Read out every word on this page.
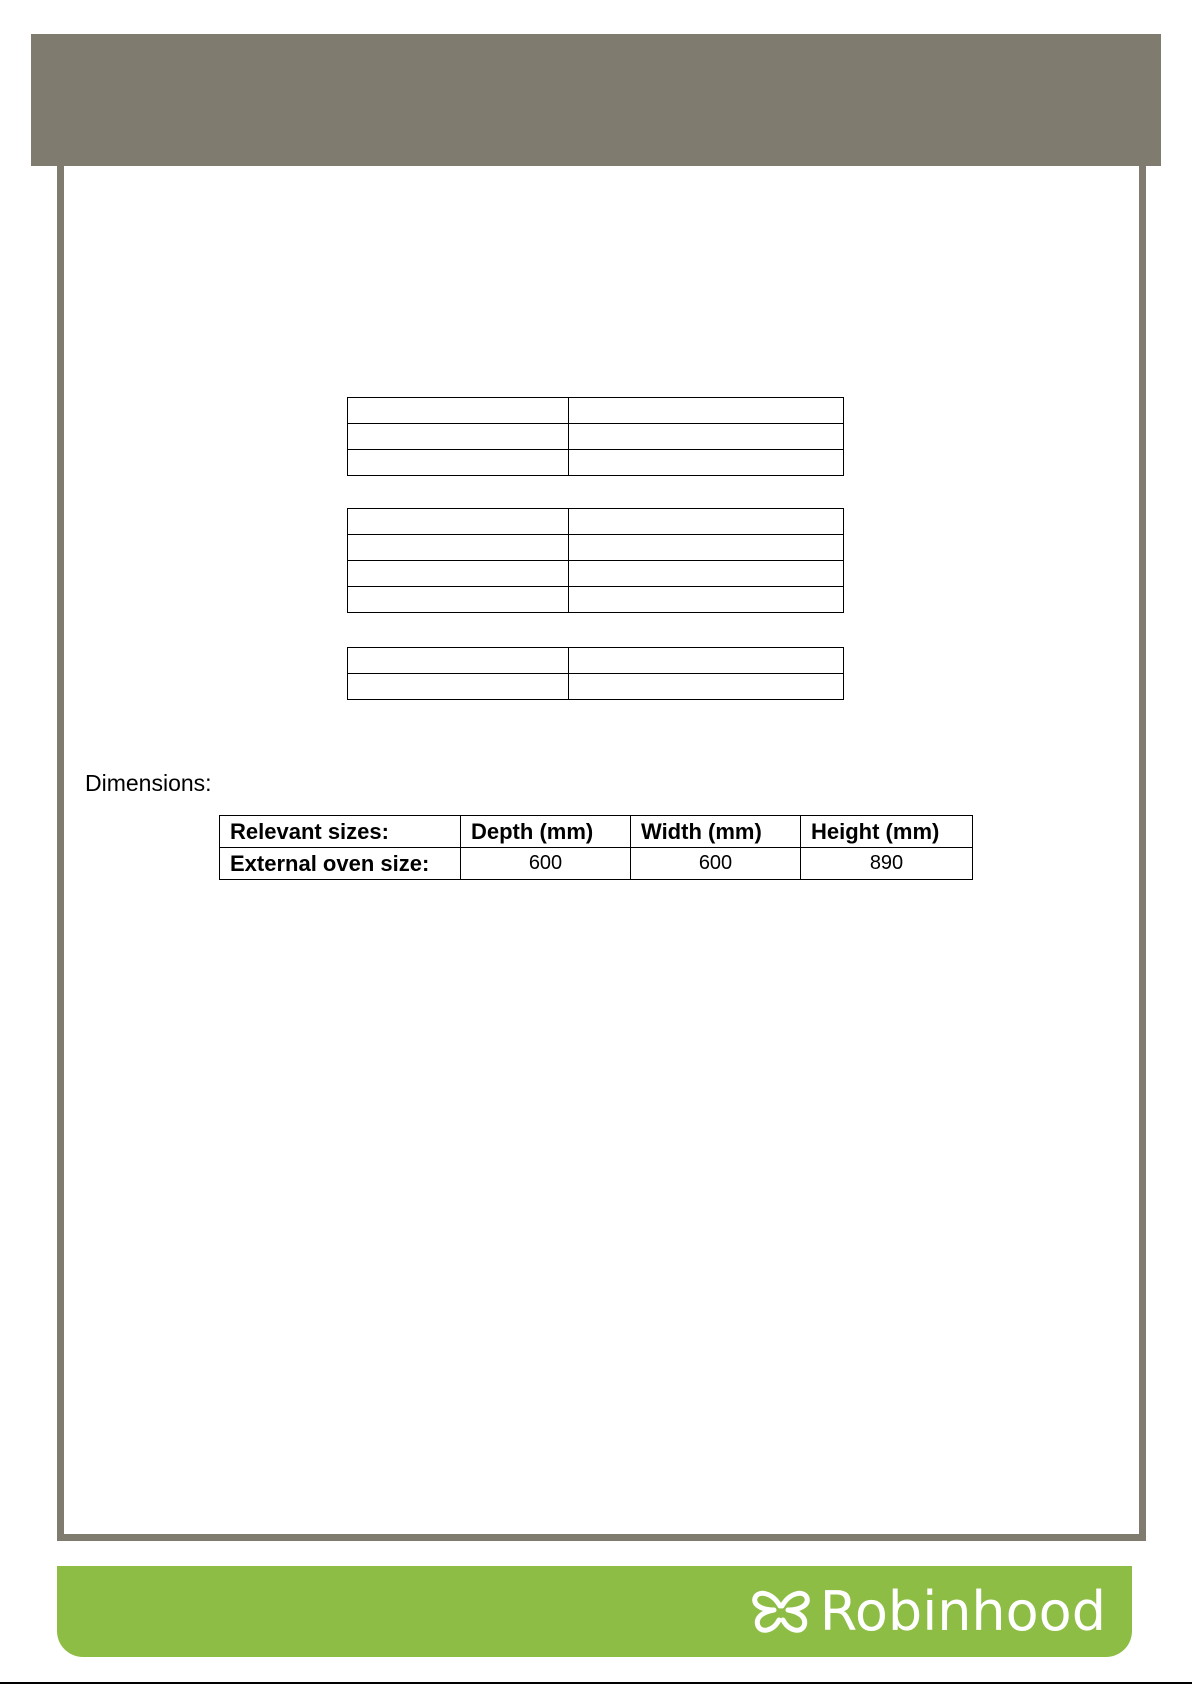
Dimensions:
Relevant sizes:	Depth (mm)	Width (mm)	Height (mm)
External oven size:	600	600	890
Robinhood
